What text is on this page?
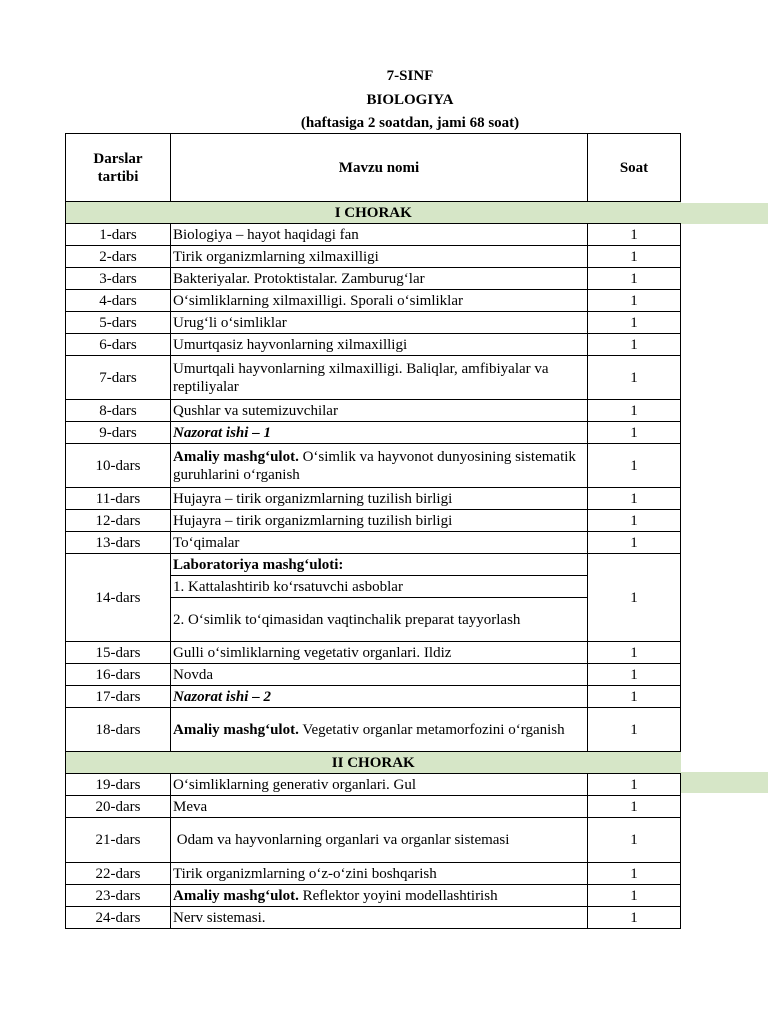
7-SINF
BIOLOGIYA
(haftasiga 2 soatdan, jami 68 soat)
Darslar tartibi	Mavzu nomi	Soat
I CHORAK		
1-dars	Biologiya – hayot haqidagi fan	1
2-dars	Tirik organizmlarning xilmaxilligi	1
3-dars	Bakteriyalar. Protoktistalar. Zamburug‘lar	1
4-dars	O‘simliklarning xilmaxilligi. Sporali o‘simliklar	1
5-dars	Urug‘li o‘simliklar	1
6-dars	Umurtqasiz hayvonlarning xilmaxilligi	1
7-dars	Umurtqali hayvonlarning xilmaxilligi. Baliqlar, amfibiyalar va reptiliyalar	1
8-dars	Qushlar va sutemizuvchilar	1
9-dars	Nazorat ishi – 1	1
10-dars	Amaliy mashg‘ulot. O‘simlik va hayvonot dunyosining sistematik guruhlarini o‘rganish	1
11-dars	Hujayra – tirik organizmlarning tuzilish birligi	1
12-dars	Hujayra – tirik organizmlarning tuzilish birligi	1
13-dars	To‘qimalar	1
14-dars	Laboratoriya mashg‘uloti:	1
	1. Kattalashtirib ko‘rsatuvchi asboblar	
	2. O‘simlik to‘qimasidan vaqtinchalik preparat tayyorlash	
15-dars	Gulli o‘simliklarning vegetativ organlari. Ildiz	1
16-dars	Novda	1
17-dars	Nazorat ishi – 2	1
18-dars	Amaliy mashg‘ulot. Vegetativ organlar metamorfozini o‘rganish	1
II CHORAK		
19-dars	O‘simliklarning generativ organlari. Gul	1
20-dars	Meva	1
21-dars	Odam va hayvonlarning organlari va organlar sistemasi	1
22-dars	Tirik organizmlarning o‘z-o‘zini boshqarish	1
23-dars	Amaliy mashg‘ulot. Reflektor yoyini modellashtirish	1
24-dars	Nerv sistemasi.	1
